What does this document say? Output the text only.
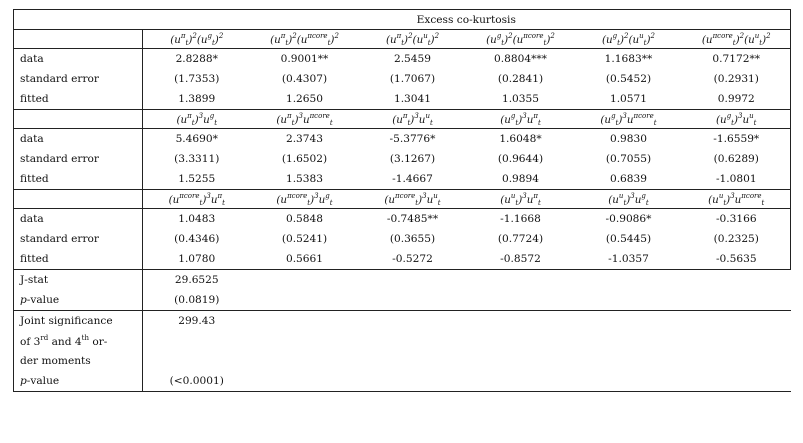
	Excess co-kurtosis					
	$(u^\pi_t)^2(u^g_t)^2$	$(u^\pi_t)^2(u^{\pi core}_t)^2$	$(u^\pi_t)^2(u^u_t)^2$	$(u^g_t)^2(u^{\pi core}_t)^2$	$(u^g_t)^2(u^u_t)^2$	$(u^{\pi core}_t)^2(u^u_t)^2$
data	2.8288*	0.9001**	2.5459	0.8804***	1.1683**	0.7172**
standard error	(1.7353)	(0.4307)	(1.7067)	(0.2841)	(0.5452)	(0.2931)
fitted	1.3899	1.2650	1.3041	1.0355	1.0571	0.9972
	$(u^\pi_t)^3u^g_t$	$(u^\pi_t)^3u^{\pi core}_t$	$(u^\pi_t)^3u^u_t$	$(u^g_t)^3u^\pi_t$	$(u^g_t)^3u^{\pi core}_t$	$(u^g_t)^3u^u_t$
data	5.4690*	2.3743	-5.3776*	1.6048*	0.9830	-1.6559*
standard error	(3.3311)	(1.6502)	(3.1267)	(0.9644)	(0.7055)	(0.6289)
fitted	1.5255	1.5383	-1.4667	0.9894	0.6839	-1.0801
	$(u^{\pi core}_t)^3u^\pi_t$	$(u^{\pi core}_t)^3u^g_t$	$(u^{\pi core}_t)^3u^u_t$	$(u^u_t)^3u^\pi_t$	$(u^u_t)^3u^g_t$	$(u^u_t)^3u^{\pi core}_t$
data	1.0483	0.5848	-0.7485**	-1.1668	-0.9086*	-0.3166
standard error	(0.4346)	(0.5241)	(0.3655)	(0.7724)	(0.5445)	(0.2325)
fitted	1.0780	0.5661	-0.5272	-0.8572	-1.0357	-0.5635
J-stat	29.6525					
p-value	(0.0819)					
Joint significance	299.43					
of 3rd and 4th or-						
der moments						
p-value	(<0.0001)					
